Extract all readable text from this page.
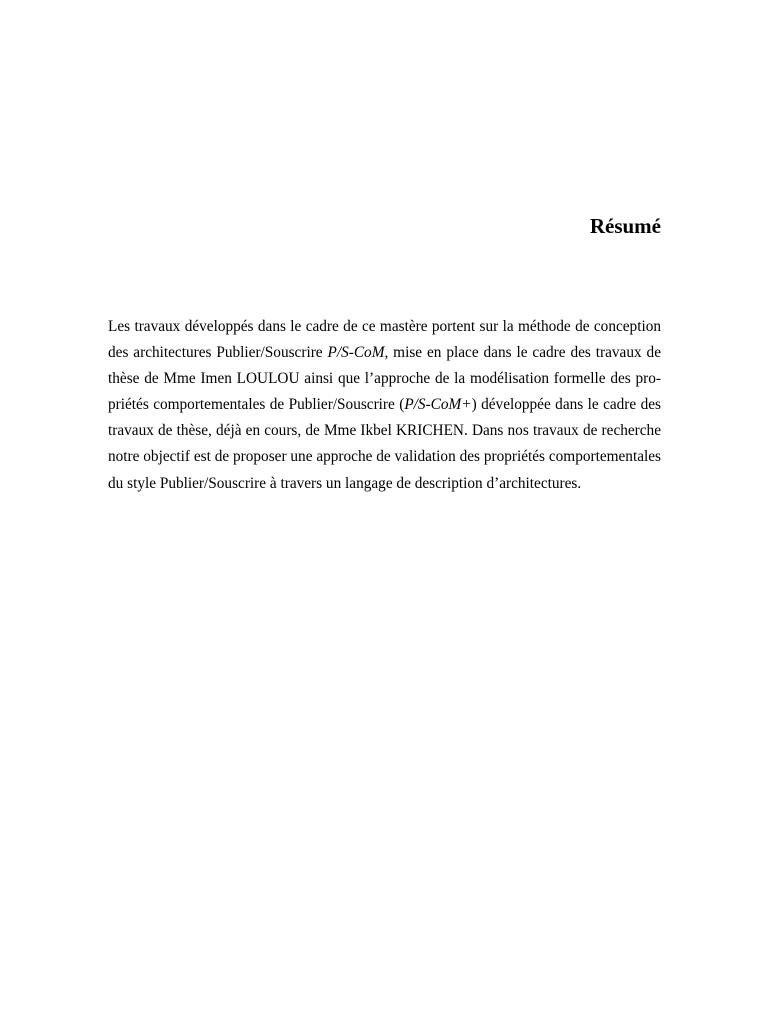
Résumé
Les travaux développés dans le cadre de ce mastère portent sur la méthode de conception
des architectures Publier/Souscrire P/S-CoM, mise en place dans le cadre des travaux de
thèse de Mme Imen LOULOU ainsi que l’approche de la modélisation formelle des pro-
priétés comportementales de Publier/Souscrire (P/S-CoM+) développée dans le cadre des
travaux de thèse, déjà en cours, de Mme Ikbel KRICHEN. Dans nos travaux de recherche
notre objectif est de proposer une approche de validation des propriétés comportementales
du style Publier/Souscrire à travers un langage de description d’architectures.
